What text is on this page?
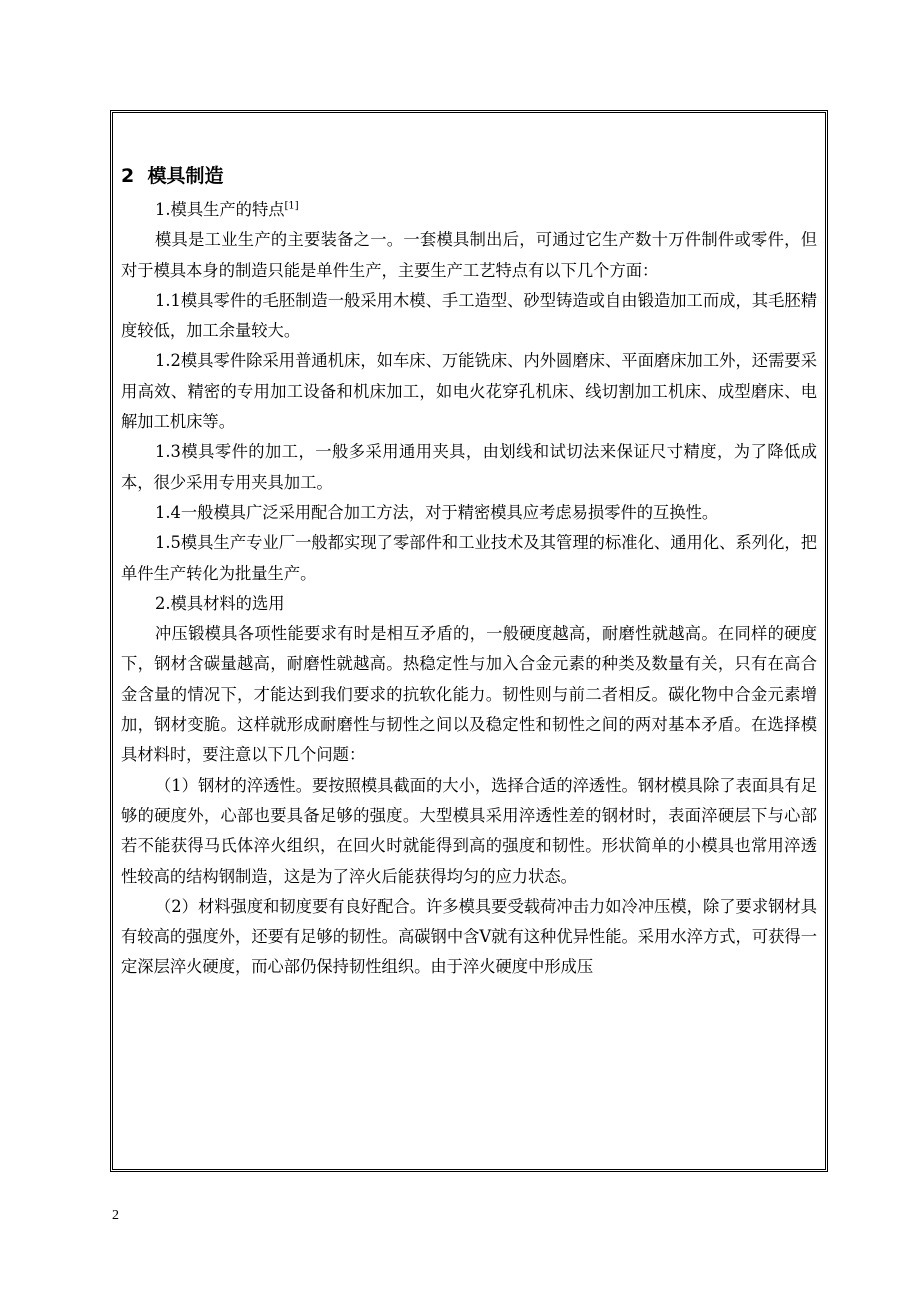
2 模具制造

1.模具生产的特点[1]

模具是工业生产的主要装备之一。一套模具制出后，可通过它生产数十万件制件或零件，但对于模具本身的制造只能是单件生产，主要生产工艺特点有以下几个方面：

1.1模具零件的毛胚制造一般采用木模、手工造型、砂型铸造或自由锻造加工而成，其毛胚精度较低，加工余量较大。

1.2模具零件除采用普通机床，如车床、万能铣床、内外圆磨床、平面磨床加工外，还需要采用高效、精密的专用加工设备和机床加工，如电火花穿孔机床、线切割加工机床、成型磨床、电解加工机床等。

1.3模具零件的加工，一般多采用通用夹具，由划线和试切法来保证尺寸精度，为了降低成本，很少采用专用夹具加工。

1.4一般模具广泛采用配合加工方法，对于精密模具应考虑易损零件的互换性。

1.5模具生产专业厂一般都实现了零部件和工业技术及其管理的标准化、通用化、系列化，把单件生产转化为批量生产。

2.模具材料的选用

冲压锻模具各项性能要求有时是相互矛盾的，一般硬度越高，耐磨性就越高。在同样的硬度下，钢材含碳量越高，耐磨性就越高。热稳定性与加入合金元素的种类及数量有关，只有在高合金含量的情况下，才能达到我们要求的抗软化能力。韧性则与前二者相反。碳化物中合金元素增加，钢材变脆。这样就形成耐磨性与韧性之间以及稳定性和韧性之间的两对基本矛盾。在选择模具材料时，要注意以下几个问题：

（1）钢材的淬透性。要按照模具截面的大小，选择合适的淬透性。钢材模具除了表面具有足够的硬度外，心部也要具备足够的强度。大型模具采用淬透性差的钢材时，表面淬硬层下与心部若不能获得马氏体淬火组织，在回火时就能得到高的强度和韧性。形状简单的小模具也常用淬透性较高的结构钢制造，这是为了淬火后能获得均匀的应力状态。

（2）材料强度和韧度要有良好配合。许多模具要受载荷冲击力如冷冲压模，除了要求钢材具有较高的强度外，还要有足够的韧性。高碳钢中含V就有这种优异性能。采用水淬方式，可获得一定深层淬火硬度，而心部仍保持韧性组织。由于淬火硬度中形成压

2
